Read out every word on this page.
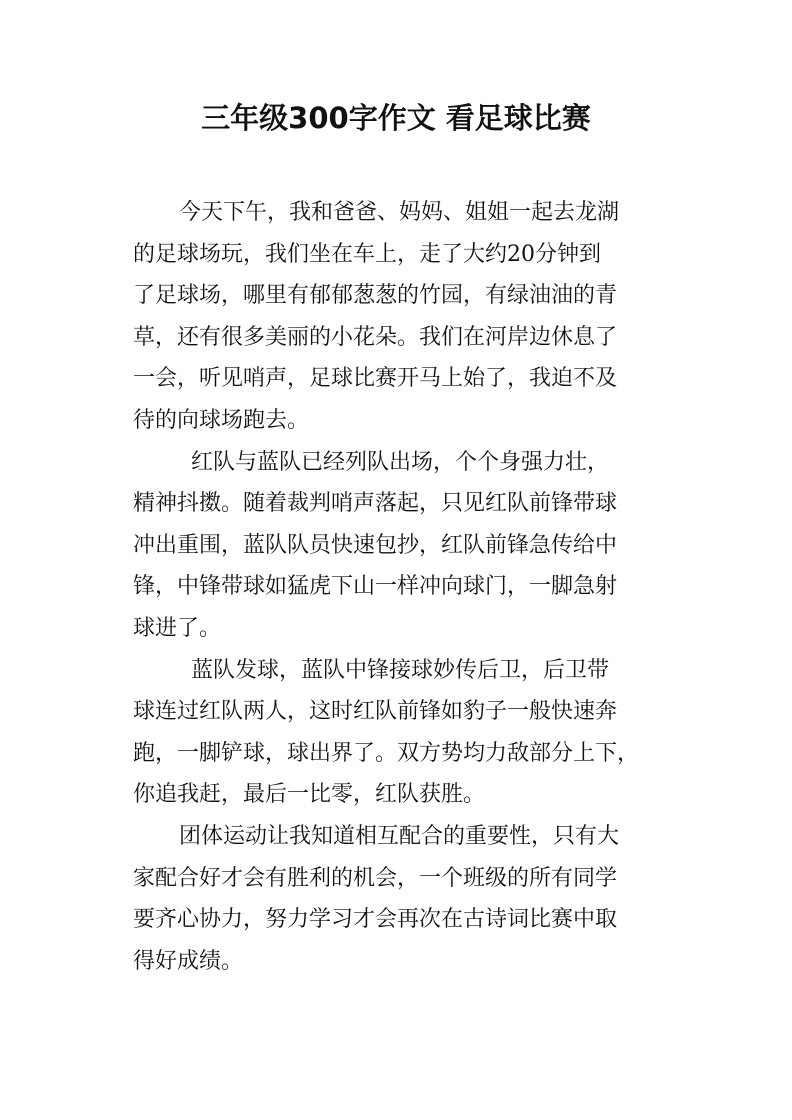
三年级300字作文 看足球比赛
今天下午，我和爸爸、妈妈、姐姐一起去龙湖
的足球场玩，我们坐在车上，走了大约20分钟到
了足球场，哪里有郁郁葱葱的竹园，有绿油油的青
草，还有很多美丽的小花朵。我们在河岸边休息了
一会，听见哨声，足球比赛开马上始了，我迫不及
待的向球场跑去。
红队与蓝队已经列队出场，个个身强力壮，
精神抖擞。随着裁判哨声落起，只见红队前锋带球
冲出重围，蓝队队员快速包抄，红队前锋急传给中
锋，中锋带球如猛虎下山一样冲向球门，一脚急射
球进了。
蓝队发球，蓝队中锋接球妙传后卫，后卫带
球连过红队两人，这时红队前锋如豹子一般快速奔
跑，一脚铲球，球出界了。双方势均力敌部分上下，
你追我赶，最后一比零，红队获胜。
团体运动让我知道相互配合的重要性，只有大
家配合好才会有胜利的机会，一个班级的所有同学
要齐心协力，努力学习才会再次在古诗词比赛中取
得好成绩。
